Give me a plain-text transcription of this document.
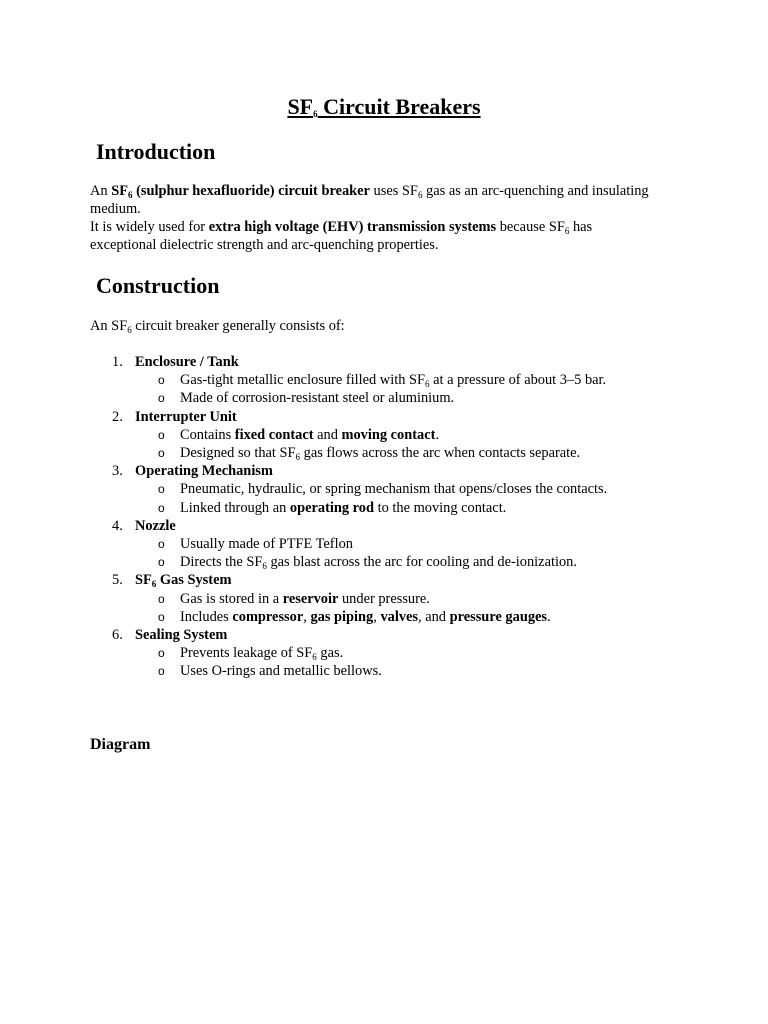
$SF_6$ Circuit Breakers
Introduction

An $SF_6$ (sulphur hexafluoride) circuit breaker uses $SF_6$ gas as an arc-quenching and insulating medium.
It is widely used for extra high voltage (EHV) transmission systems because $SF_6$ has exceptional dielectric strength and arc-quenching properties.

Construction

An $SF_6$ circuit breaker generally consists of:

1. Enclosure / Tank
o Gas-tight metallic enclosure filled with $SF_6$ at a pressure of about 3–5 bar.
o Made of corrosion-resistant steel or aluminium.
2. Interrupter Unit
o Contains fixed contact and moving contact.
o Designed so that $SF_6$ gas flows across the arc when contacts separate.
3. Operating Mechanism
o Pneumatic, hydraulic, or spring mechanism that opens/closes the contacts.
o Linked through an operating rod to the moving contact.
4. Nozzle
o Usually made of PTFE Teflon
o Directs the $SF_6$ gas blast across the arc for cooling and de-ionization.
5. $SF_6$ Gas System
o Gas is stored in a reservoir under pressure.
o Includes compressor, gas piping, valves, and pressure gauges.
6. Sealing System
o Prevents leakage of $SF_6$ gas.
o Uses O-rings and metallic bellows.
Diagram
